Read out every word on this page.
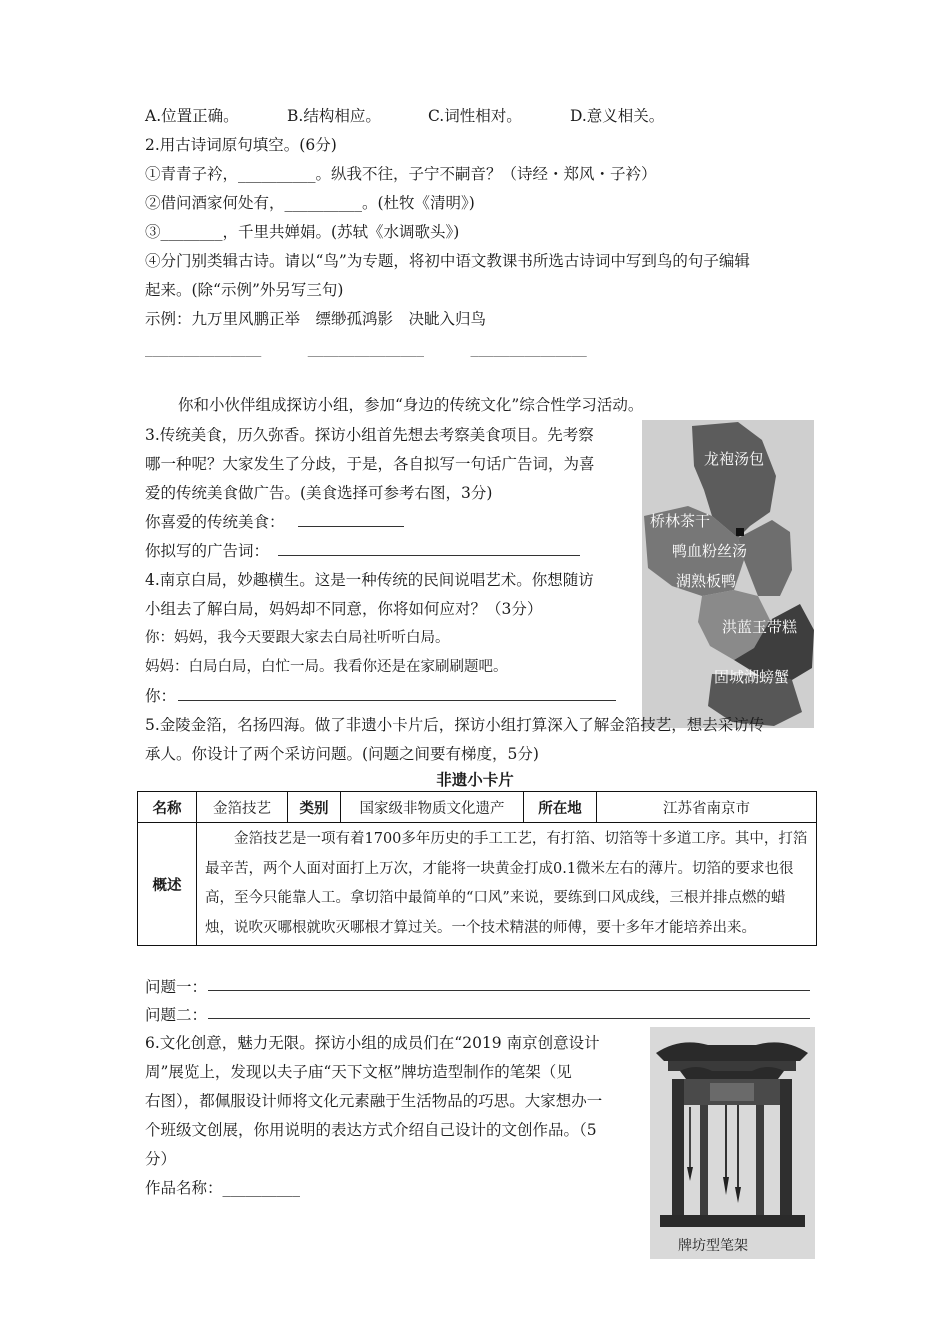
A.位置正确。	B.结构相应。	C.词性相对。	D.意义相关。
2.用古诗词原句填空。(6分)
①青青子衿，__________。纵我不往，子宁不嗣音？（诗经・郑风・子衿）
②借问酒家何处有，__________。(杜牧《清明》)
③________，千里共婵娟。(苏轼《水调歌头》)
④分门别类辑古诗。请以“鸟”为专题，将初中语文教课书所选古诗词中写到鸟的句子编辑
起来。(除“示例”外另写三句)
示例：九万里风鹏正举　缥缈孤鸿影　决眦入归鸟
_______________　　　_______________　　　_______________
你和小伙伴组成探访小组，参加“身边的传统文化”综合性学习活动。
3.传统美食，历久弥香。探访小组首先想去考察美食项目。先考察
哪一种呢？大家发生了分歧，于是，各自拟写一句话广告词，为喜
爱的传统美食做广告。(美食选择可参考右图，3分)
你喜爱的传统美食：
你拟写的广告词：
龙袍汤包
桥林茶干
鸭血粉丝汤
湖熟板鸭
洪蓝玉带糕
固城湖螃蟹
4.南京白局，妙趣横生。这是一种传统的民间说唱艺术。你想随访
小组去了解白局，妈妈却不同意，你将如何应对？（3分）
你：妈妈，我今天要跟大家去白局社听听白局。
妈妈：白局白局，白忙一局。我看你还是在家刷刷题吧。
你：
5.金陵金箔，名扬四海。做了非遗小卡片后，探访小组打算深入了解金箔技艺，想去采访传
承人。你设计了两个采访问题。(问题之间要有梯度，5分)
非遗小卡片
名称	金箔技艺	类别	国家级非物质文化遗产	所在地	江苏省南京市
概述	金箔技艺是一项有着1700多年历史的手工工艺，有打箔、切箔等十多道工序。其中，打箔最辛苦，两个人面对面打上万次，才能将一块黄金打成0.1微米左右的薄片。切箔的要求也很高，至今只能靠人工。拿切箔中最简单的“口风”来说，要练到口风成线，三根并排点燃的蜡烛，说吹灭哪根就吹灭哪根才算过关。一个技术精湛的师傅，要十多年才能培养出来。				

问题一：
问题二：
6.文化创意，魅力无限。探访小组的成员们在“2019 南京创意设计
周”展览上，发现以夫子庙“天下文枢”牌坊造型制作的笔架（见
右图），都佩服设计师将文化元素融于生活物品的巧思。大家想办一
个班级文创展，你用说明的表达方式介绍自己设计的文创作品。（5
分）
作品名称：__________
牌坊型笔架
